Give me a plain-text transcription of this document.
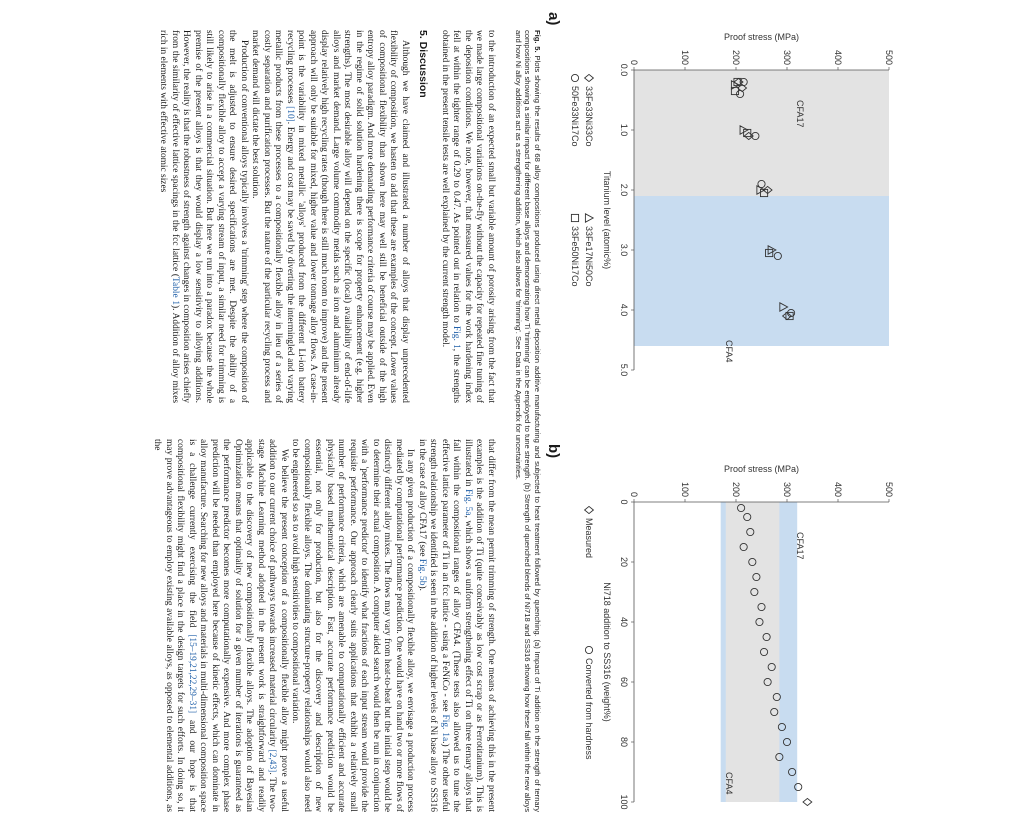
CFA17
CFA4
0	100	200	300	400	500
0.0
1.0
2.0
3.0
4.0
5.0
Proof stress (MPa)
Titanium level (atomic%)
33Fe33Ni33Co
33Fe17Ni50Co
50Fe33Ni17Co
33Fe50Ni17Co
a)
CFA17
CFA4
0	100	200	300	400	500
0
20
40
60
80
100
Proof stress (MPa)
Ni718 addition to SS316 (weight%)
Measured
Converted from hardness
b)
Fig. 5. Plots showing the results of 68 alloy compositions produced using direct metal deposition additive manufacturing and subjected to heat treatment followed by quenching. (a) Impact of Ti addition on the strength of ternary compositions showing a similar impact for different base alloys and demonstrating how Ti 'trimming' can be employed to tune strength. (b) Strength of quenched blends of Ni718 and SS316 showing how these fall within the new alloys and how Ni alloy additions act as a strengthening addition, which also allows for 'trimming'. See Data in the Appendix for uncertainties.

to the introduction of an expected small but variable amount of porosity arising from the fact that we made large compositional variations on-the-fly without the capacity for repeated fine tuning of the deposition conditions. We note, however, that measured values for the work hardening index fell at within the tighter range of 0.29 to 0.47. As pointed out in relation to Fig. 1, the strengths obtained in the present tensile tests are well explained by the current strength model.

5. Discussion

Although we have claimed and illustrated a number of alloys that display unprecedented flexibility of composition, we hasten to add that these are examples of the concept. Lower values of compositional flexibility than shown here may well still be beneficial outside of the high entropy alloy paradigm. And more demanding performance criteria of course may be applied. Even in the regime of solid solution hardening there is scope for property enhancement (e.g. higher strengths). The most desirable alloy will depend on the specific (local) availability of end-of-life alloys and market demand. Large volume commodity metals such as iron and aluminium already display relatively high recycling rates (though there is still much room to improve) and the present approach will only be suitable for mixed, higher value and lower tonnage alloy flows. A case-in-point is the variability in mixed metallic 'alloys' produced from the different Li-ion battery recycling processes [10]. Energy and cost may be saved by diverting the intermingled and varying metallic products from these processes to a compositionally flexible alloy in lieu of a series of costly separation and purification processes. But the nature of the particular recycling process and market demand will dictate the best solution.

Production of conventional alloys typically involves a 'trimming' step where the composition of the melt is adjusted to ensure desired specifications are met. Despite the ability of a compositionally flexible alloy to accept a varying stream of input, a similar need for trimming is still likely to arise in a commercial situation. But here we run into a paradox because the whole premise of the present alloys is that they would display a low sensitivity to alloying additions. However, the reality is that the robustness of strength against changes in composition arises chiefly from the similarity of effective lattice spacings in the fcc lattice (Table 1). Addition of alloy mixes rich in elements with effective atomic sizes

that differ from the mean permit trimming of strength. One means of achieving this in the present examples is the addition of Ti (quite conceivably as low cost scrap or as Ferrotitanium). This is illustrated in Fig. 5a, which shows a uniform strengthening effect of Ti on three ternary alloys that fall within the compositional ranges of alloy CFA4. (These tests also allowed us to tune the effective lattice parameter of Ti in an fcc lattice - using a FeNiCo - see Fig. 1a.) The other useful strength relationship we identified is seen in the addition of higher levels of Ni base alloy to SS316 in the case of alloy CFA17 (see Fig. 5b).

In any given production of a compositionally flexible alloy, we envisage a production process mediated by computational performance prediction. One would have on hand two or more flows of distinctly different alloy mixes. The flows may vary from heat-to-heat but the initial step would be to determine their actual composition. A computer aided search would then be run in conjunction with a 'performance predictor' to identify what fractions of each input stream would provide the requisite performance. Our approach clearly suits applications that exhibit a relatively small number of performance criteria, which are amenable to computationally efficient and accurate physically based mathematical description. Fast, accurate performance prediction would be essential, not only for production, but also for the discovery and description of new compositionally flexible alloys. The dominating structure-property relationships would also need to be engineered so as to avoid high sensitivities to compositional variation.

We believe the present conception of a compositionally flexible alloy might prove a useful addition to our current choice of pathways towards increased material circularity [2,43]. The two-stage Machine Learning method adopted in the present work is straightforward and readily applicable to the discovery of new compositionally flexible alloys. The adoption of Bayesian Optimization means that optimality of solution for a given number of iterations is guaranteed as the performance predictor becomes more computationally expensive. And more complex phase prediction will be needed than employed here because of kinetic effects, which can dominate in alloy manufacture. Searching for new alloys and materials in multi-dimensional composition space is a challenge currently exercising the field [15–19,21,22,29–31] and our hope is that compositional flexibility might find a place in the design targets for such efforts. In doing so, it may prove advantageous to employ existing available alloys, as opposed to elemental additions, as the
